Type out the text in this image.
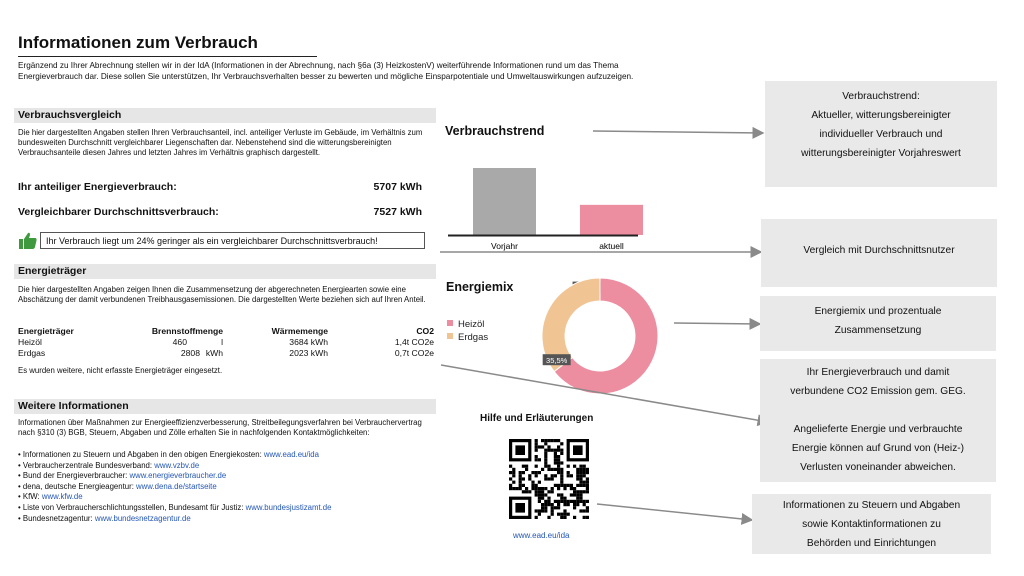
Informationen zum Verbrauch
Ergänzend zu Ihrer Abrechnung stellen wir in der IdA (Informationen in der Abrechnung, nach §6a (3) HeizkostenV) weiterführende Informationen rund um das Thema Energieverbrauch dar. Diese sollen Sie unterstützen, Ihr Verbrauchsverhalten besser zu bewerten und mögliche Einsparpotentiale und Umweltauswirkungen aufzuzeigen.
Verbrauchsvergleich
Die hier dargestellten Angaben stellen Ihren Verbrauchsanteil, incl. anteiliger Verluste im Gebäude, im Verhältnis zum bundesweiten Durchschnitt vergleichbarer Liegenschaften dar. Nebenstehend sind die witterungsbereinigten Verbrauchsanteile diesen Jahres und letzten Jahres im Verhältnis graphisch dargestellt.
Ihr anteiliger Energieverbrauch:	5707 kWh
Vergleichbarer Durchschnittsverbrauch:	7527 kWh
Ihr Verbrauch liegt um 24% geringer als ein vergleichbarer Durchschnittsverbrauch!
Energieträger
Die hier dargestellten Angaben zeigen Ihnen die Zusammensetzung der abgerechneten Energiearten sowie eine Abschätzung der damit verbundenen Treibhausgasemissionen. Die dargestellten Werte beziehen sich auf Ihren Anteil.
Energieträger	Brennstoffmenge	Wärmemenge	CO2
Heizöl	460 l	3684 kWh	1,4t CO2e
Erdgas	2808 kWh	2023 kWh	0,7t CO2e
Es wurden weitere, nicht erfasste Energieträger eingesetzt.
Weitere Informationen
Informationen über Maßnahmen zur Energieeffizienzverbesserung, Streitbeilegungsverfahren bei Verbrauchervertrag nach §310 (3) BGB, Steuern, Abgaben und Zölle erhalten Sie in nachfolgenden Kontaktmöglichkeiten:
• Informationen zu Steuern und Abgaben in den obigen Energiekosten: www.ead.eu/ida
• Verbraucherzentrale Bundesverband: www.vzbv.de
• Bund der Energieverbraucher: www.energieverbraucher.de
• dena, deutsche Energieagentur: www.dena.de/startseite
• KfW: www.kfw.de
• Liste von Verbraucherschlichtungsstellen, Bundesamt für Justiz: www.bundesjustizamt.de
• Bundesnetzagentur: www.bundesnetzagentur.de
Verbrauchstrend
Vorjahr	aktuell
Energiemix
Heizöl
Erdgas
35,5%
Hilfe und Erläuterungen
www.ead.eu/ida
Verbrauchstrend:
Aktueller, witterungsbereinigter
individueller Verbrauch und
witterungsbereinigter Vorjahreswert
Vergleich mit Durchschnittsnutzer
Energiemix und prozentuale
Zusammensetzung
Ihr Energieverbrauch und damit
verbundene CO2 Emission gem. GEG.
Angelieferte Energie und verbrauchte
Energie können auf Grund von (Heiz-)
Verlusten voneinander abweichen.
Informationen zu Steuern und Abgaben
sowie Kontaktinformationen zu
Behörden und Einrichtungen
